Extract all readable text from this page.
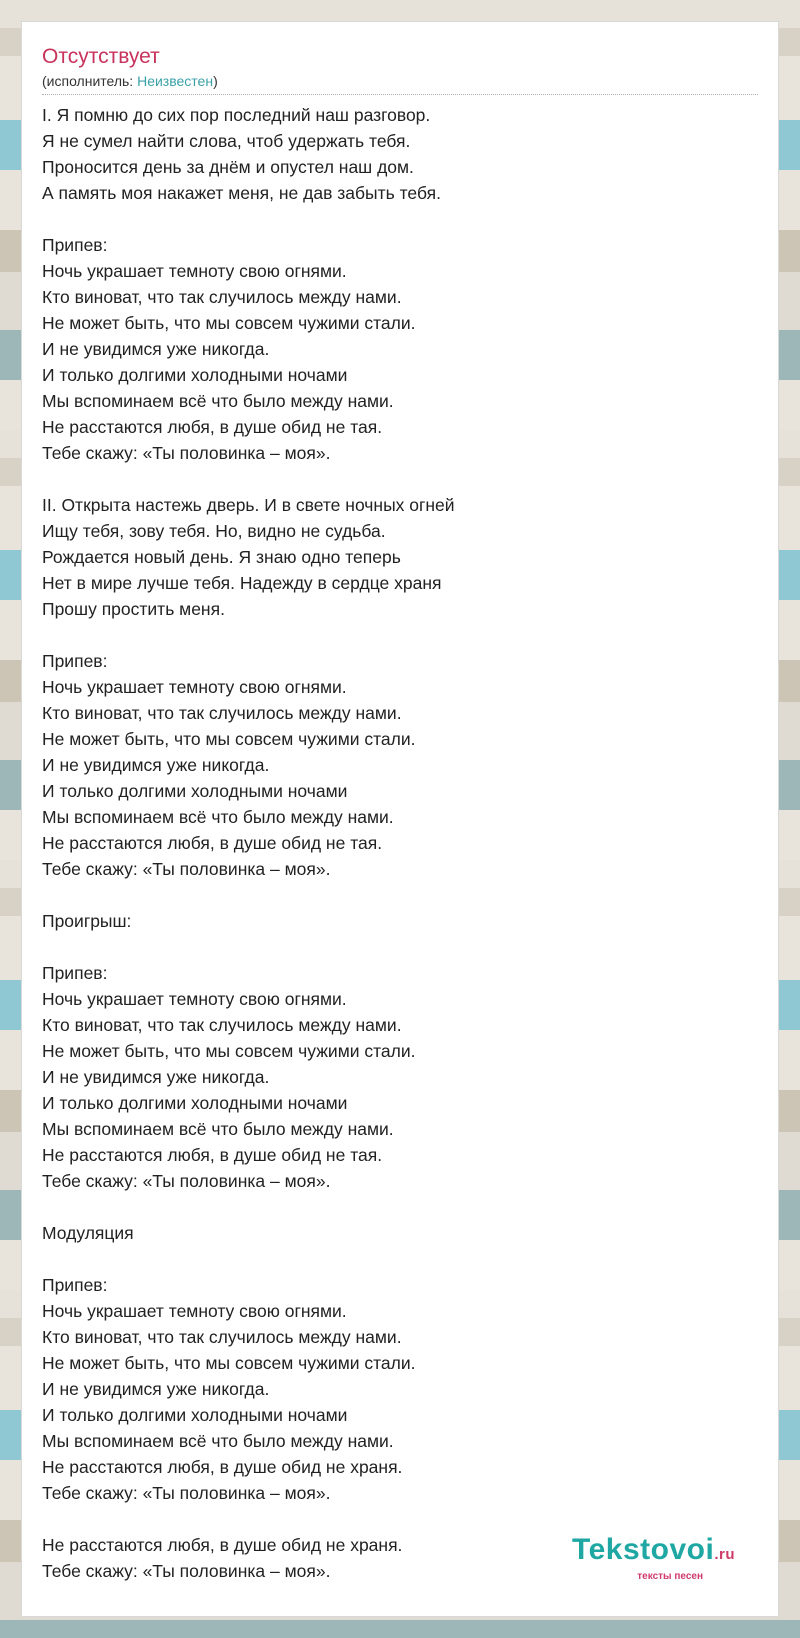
Отсутствует
(исполнитель: Неизвестен)
I. Я помню до сих пор последний наш разговор.
Я не сумел найти слова, чтоб удержать тебя.
Проносится день за днём и опустел наш дом.
А память моя накажет меня, не дав забыть тебя.
Припев:
Ночь украшает темноту свою огнями.
Кто виноват, что так случилось между нами.
Не может быть, что мы совсем чужими стали.
И не увидимся уже никогда.
И только долгими холодными ночами
Мы вспоминаем всё что было между нами.
Не расстаются любя, в душе обид не тая.
Тебе скажу: «Ты половинка – моя».
II. Открыта настежь дверь. И в свете ночных огней
Ищу тебя, зову тебя. Но, видно не судьба.
Рождается новый день. Я знаю одно теперь
Нет в мире лучше тебя. Надежду в сердце храня
Прошу простить меня.
Припев:
Ночь украшает темноту свою огнями.
Кто виноват, что так случилось между нами.
Не может быть, что мы совсем чужими стали.
И не увидимся уже никогда.
И только долгими холодными ночами
Мы вспоминаем всё что было между нами.
Не расстаются любя, в душе обид не тая.
Тебе скажу: «Ты половинка – моя».
Проигрыш:
Припев:
Ночь украшает темноту свою огнями.
Кто виноват, что так случилось между нами.
Не может быть, что мы совсем чужими стали.
И не увидимся уже никогда.
И только долгими холодными ночами
Мы вспоминаем всё что было между нами.
Не расстаются любя, в душе обид не тая.
Тебе скажу: «Ты половинка – моя».
Модуляция
Припев:
Ночь украшает темноту свою огнями.
Кто виноват, что так случилось между нами.
Не может быть, что мы совсем чужими стали.
И не увидимся уже никогда.
И только долгими холодными ночами
Мы вспоминаем всё что было между нами.
Не расстаются любя, в душе обид не храня.
Тебе скажу: «Ты половинка – моя».
Не расстаются любя, в душе обид не храня.
Тебе скажу: «Ты половинка – моя».
Tekstovoi.ru
тексты песен
